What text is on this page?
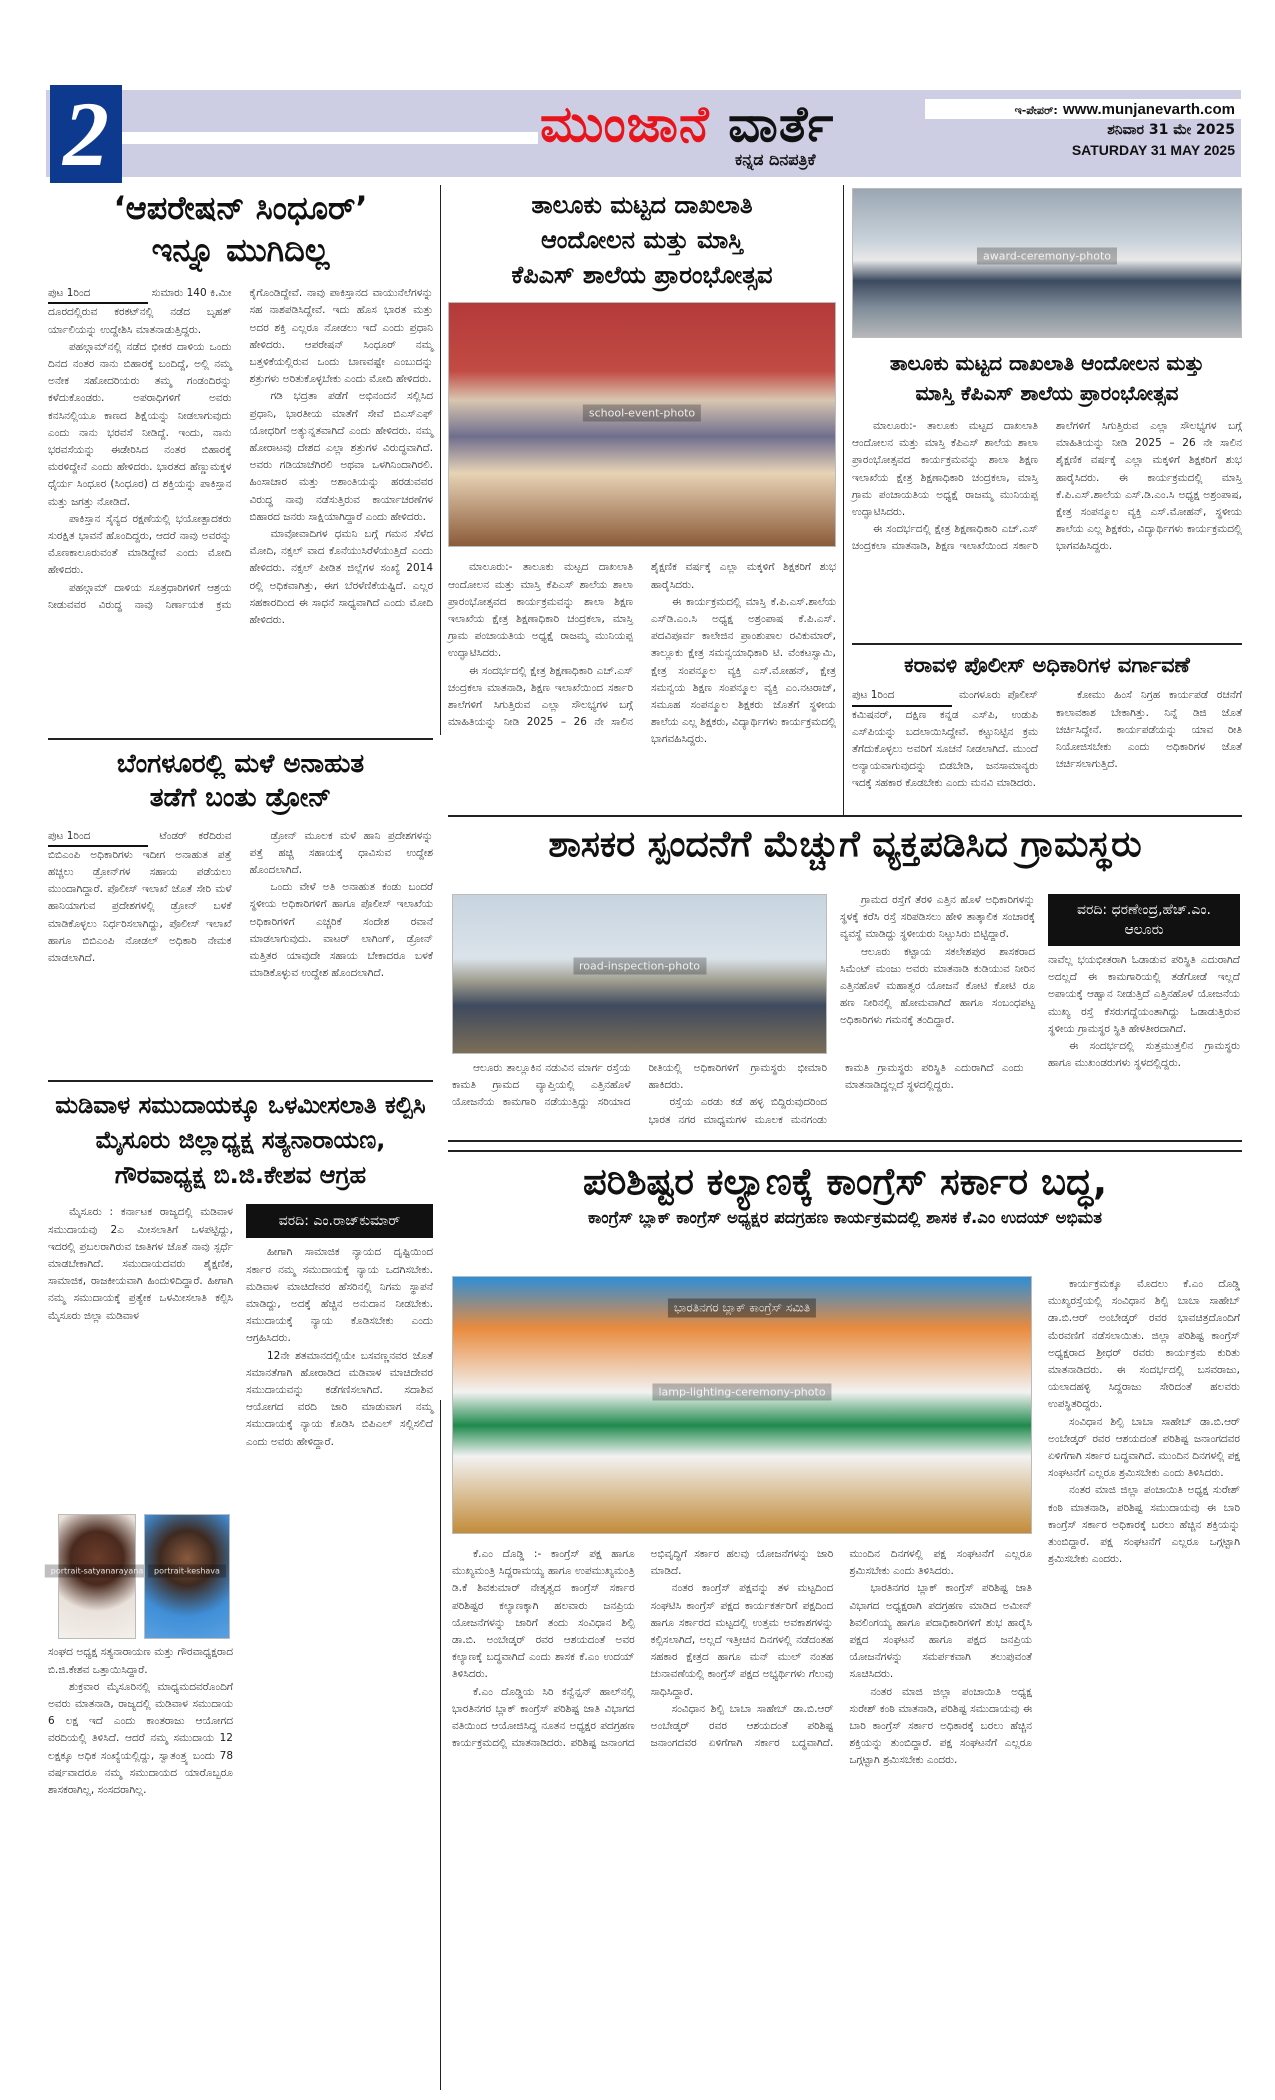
2	ಮುಂಜಾನೆ ವಾರ್ತೆ
ಕನ್ನಡ ದಿನಪತ್ರಿಕೆ
ಇ-ಪೇಪರ್: www.munjanevarth.com
ಶನಿವಾರ 31 ಮೇ 2025
SATURDAY 31 MAY 2025
‘ಆಪರೇಷನ್ ಸಿಂಧೂರ್’
ಇನ್ನೂ ಮುಗಿದಿಲ್ಲ

ಪುಟ 1ರಿಂದ	ಸುಮಾರು 140 ಕಿ.ಮೀ ದೂರದಲ್ಲಿರುವ ಕರಕಟ್‌ನಲ್ಲಿ ನಡೆದ ಬೃಹತ್ ರ್ಯಾಲಿಯನ್ನು ಉದ್ದೇಶಿಸಿ ಮಾತನಾಡುತ್ತಿದ್ದರು.

ಪಹಲ್ಗಾಮ್‌ನಲ್ಲಿ ನಡೆದ ಭೀಕರ ದಾಳಿಯ ಒಂದು ದಿನದ ನಂತರ ನಾನು ಬಿಹಾರಕ್ಕೆ ಬಂದಿದ್ದೆ, ಅಲ್ಲಿ ನಮ್ಮ ಅನೇಕ ಸಹೋದರಿಯರು ತಮ್ಮ ಗಂಡಂದಿರನ್ನು ಕಳೆದುಕೊಂಡರು. ಅಪರಾಧಿಗಳಿಗೆ ಅವರು ಕನಸಿನಲ್ಲಿಯೂ ಕಾಣದ ಶಿಕ್ಷೆಯನ್ನು ನೀಡಲಾಗುವುದು ಎಂದು ನಾನು ಭರವಸೆ ನೀಡಿದ್ದೆ. ಇಂದು, ನಾನು ಭರವಸೆಯನ್ನು ಈಡೇರಿಸಿದ ನಂತರ ಬಿಹಾರಕ್ಕೆ ಮರಳಿದ್ದೇನೆ ಎಂದು ಹೇಳಿದರು. ಭಾರತದ ಹೆಣ್ಣುಮಕ್ಕಳ ಧೈರ್ಯ ಸಿಂಧೂರ (ಸಿಂಧೂರ) ದ ಶಕ್ತಿಯನ್ನು ಪಾಕಿಸ್ತಾನ ಮತ್ತು ಜಗತ್ತು ನೋಡಿದೆ.

ಪಾಕಿಸ್ತಾನ ಸೈನ್ಯದ ರಕ್ಷಣೆಯಲ್ಲಿ ಭಯೋತ್ಪಾದಕರು ಸುರಕ್ಷಿತ ಭಾವನೆ ಹೊಂದಿದ್ದರು, ಆದರೆ ನಾವು ಅವರನ್ನು ಮೊಣಕಾಲೂರುವಂತೆ ಮಾಡಿದ್ದೇವೆ ಎಂದು ಮೋದಿ ಹೇಳಿದರು.

ಪಹಲ್ಗಾಮ್ ದಾಳಿಯ ಸೂತ್ರಧಾರಿಗಳಿಗೆ ಆಶ್ರಯ ನೀಡುವವರ ವಿರುದ್ಧ ನಾವು ನಿರ್ಣಾಯಕ ಕ್ರಮ ಕೈಗೊಂಡಿದ್ದೇವೆ. ನಾವು ಪಾಕಿಸ್ತಾನದ ವಾಯುನೆಲೆಗಳನ್ನು ಸಹ ನಾಶಪಡಿಸಿದ್ದೇವೆ. ಇದು ಹೊಸ ಭಾರತ ಮತ್ತು ಅದರ ಶಕ್ತಿ ಎಲ್ಲರೂ ನೋಡಲು ಇದೆ ಎಂದು ಪ್ರಧಾನಿ ಹೇಳಿದರು. ಆಪರೇಷನ್ ಸಿಂಧೂರ್ ನಮ್ಮ ಬತ್ತಳಿಕೆಯಲ್ಲಿರುವ ಒಂದು ಬಾಣವಷ್ಟೇ ಎಂಬುದನ್ನು ಶತ್ರುಗಳು ಅರಿತುಕೊಳ್ಳಬೇಕು ಎಂದು ಮೋದಿ ಹೇಳಿದರು.

ಗಡಿ ಭದ್ರತಾ ಪಡೆಗೆ ಅಭಿನಂದನೆ ಸಲ್ಲಿಸಿದ ಪ್ರಧಾನಿ, ಭಾರತೀಯ ಮಾತೆಗೆ ಸೇವೆ ಬಿಎಸ್‌ಎಫ್ ಯೋಧರಿಗೆ ಅತ್ಯುನ್ನತವಾಗಿದೆ ಎಂದು ಹೇಳಿದರು. ನಮ್ಮ ಹೋರಾಟವು ದೇಶದ ಎಲ್ಲಾ ಶತ್ರುಗಳ ವಿರುದ್ಧವಾಗಿದೆ. ಅವರು ಗಡಿಯಾಚೆಗಿರಲಿ ಅಥವಾ ಒಳಗಿನಿಂದಾಗಿರಲಿ. ಹಿಂಸಾಚಾರ ಮತ್ತು ಅಶಾಂತಿಯನ್ನು ಹರಡುವವರ ವಿರುದ್ಧ ನಾವು ನಡೆಸುತ್ತಿರುವ ಕಾರ್ಯಾಚರಣೆಗಳ ಬಿಹಾರದ ಜನರು ಸಾಕ್ಷಿಯಾಗಿದ್ದಾರೆ ಎಂದು ಹೇಳಿದರು.

ಮಾವೋವಾದಿಗಳ ಧಮನಿ ಬಗ್ಗೆ ಗಮನ ಸೆಳೆದ ಮೋದಿ, ನಕ್ಸಲ್ ವಾದ ಕೊನೆಯುಸಿರೆಳೆಯುತ್ತಿದೆ ಎಂದು ಹೇಳಿದರು. ನಕ್ಸಲ್ ಪೀಡಿತ ಜಿಲ್ಲೆಗಳ ಸಂಖ್ಯೆ 2014 ರಲ್ಲಿ ಅಧಿಕವಾಗಿತ್ತು, ಈಗ ಬೆರಳೆಣಿಕೆಯಷ್ಟಿದೆ. ಎಲ್ಲರ ಸಹಕಾರದಿಂದ ಈ ಸಾಧನೆ ಸಾಧ್ಯವಾಗಿದೆ ಎಂದು ಮೋದಿ ಹೇಳಿದರು.

ಬೆಂಗಳೂರಲ್ಲಿ ಮಳೆ ಅನಾಹುತ
ತಡೆಗೆ ಬಂತು ಡ್ರೋನ್

ಪುಟ 1ರಿಂದ	ಟೆಂಡರ್ ಕರೆದಿರುವ ಬಿಬಿಎಂಪಿ ಅಧಿಕಾರಿಗಳು ಇದೀಗ ಅನಾಹುತ ಪತ್ತೆ ಹಚ್ಚಲು ಡ್ರೋನ್‌ಗಳ ಸಹಾಯ ಪಡೆಯಲು ಮುಂದಾಗಿದ್ದಾರೆ. ಪೊಲೀಸ್ ಇಲಾಖೆ ಜೊತೆ ಸೇರಿ ಮಳೆ ಹಾನಿಯಾಗುವ ಪ್ರದೇಶಗಳಲ್ಲಿ ಡ್ರೋನ್ ಬಳಕೆ ಮಾಡಿಕೊಳ್ಳಲು ನಿರ್ಧರಿಸಲಾಗಿದ್ದು, ಪೊಲೀಸ್ ಇಲಾಖೆ ಹಾಗೂ ಬಿಬಿಎಂಪಿ ನೋಡಲ್ ಅಧಿಕಾರಿ ನೇಮಕ ಮಾಡಲಾಗಿದೆ.

ಡ್ರೋನ್ ಮೂಲಕ ಮಳೆ ಹಾನಿ ಪ್ರದೇಶಗಳನ್ನು ಪತ್ತೆ ಹಚ್ಚಿ ಸಹಾಯಕ್ಕೆ ಧಾವಿಸುವ ಉದ್ದೇಶ ಹೊಂದಲಾಗಿದೆ.

ಒಂದು ವೇಳೆ ಅತಿ ಅನಾಹುತ ಕಂಡು ಬಂದರೆ ಸ್ಥಳೀಯ ಅಧಿಕಾರಿಗಳಿಗೆ ಹಾಗೂ ಪೊಲೀಸ್ ಇಲಾಖೆಯ ಅಧಿಕಾರಿಗಳಿಗೆ ಎಚ್ಚರಿಕೆ ಸಂದೇಶ ರವಾನೆ ಮಾಡಲಾಗುವುದು. ವಾಟರ್ ಲಾಗಿಂಗ್, ಡ್ರೋನ್ ಮತ್ತಿತರ ಯಾವುದೇ ಸಹಾಯ ಬೇಕಾದರೂ ಬಳಕೆ ಮಾಡಿಕೊಳ್ಳುವ ಉದ್ದೇಶ ಹೊಂದಲಾಗಿದೆ.

ಮಡಿವಾಳ ಸಮುದಾಯಕ್ಕೂ ಒಳಮೀಸಲಾತಿ ಕಲ್ಪಿಸಿ
ಮೈಸೂರು ಜಿಲ್ಲಾಧ್ಯಕ್ಷ ಸತ್ಯನಾರಾಯಣ,
ಗೌರವಾಧ್ಯಕ್ಷ ಬಿ.ಜಿ.ಕೇಶವ ಆಗ್ರಹ

ಮೈಸೂರು : ಕರ್ನಾಟಕ ರಾಜ್ಯದಲ್ಲಿ ಮಡಿವಾಳ ಸಮುದಾಯವು 2ಎ ಮೀಸಲಾತಿಗೆ ಒಳಪಟ್ಟಿದ್ದು, ಇದರಲ್ಲಿ ಪ್ರಬಲರಾಗಿರುವ ಜಾತಿಗಳ ಜೊತೆ ನಾವು ಸ್ಪರ್ಧೆ ಮಾಡಬೇಕಾಗಿದೆ. ಸಮುದಾಯದವರು ಶೈಕ್ಷಣಿಕ, ಸಾಮಾಜಿಕ, ರಾಜಕೀಯವಾಗಿ ಹಿಂದುಳಿದಿದ್ದಾರೆ. ಹೀಗಾಗಿ ನಮ್ಮ ಸಮುದಾಯಕ್ಕೆ ಪ್ರತ್ಯೇಕ ಒಳಮೀಸಲಾತಿ ಕಲ್ಪಿಸಿ ಮೈಸೂರು ಜಿಲ್ಲಾ ಮಡಿವಾಳ

portrait-satyanarayana	portrait-keshava

ಸಂಘದ ಅಧ್ಯಕ್ಷ ಸತ್ಯನಾರಾಯಣ ಮತ್ತು ಗೌರವಾಧ್ಯಕ್ಷರಾದ ಬಿ.ಜಿ.ಕೇಶವ ಒತ್ತಾಯಿಸಿದ್ದಾರೆ.

ಶುಕ್ರವಾರ ಮೈಸೂರಿನಲ್ಲಿ ಮಾಧ್ಯಮದವರೊಂದಿಗೆ ಅವರು ಮಾತನಾಡಿ, ರಾಜ್ಯದಲ್ಲಿ ಮಡಿವಾಳ ಸಮುದಾಯ 6 ಲಕ್ಷ ಇದೆ ಎಂದು ಕಾಂತರಾಜು ಆಯೋಗದ ವರದಿಯಲ್ಲಿ ತಿಳಿಸಿದೆ. ಆದರೆ ನಮ್ಮ ಸಮುದಾಯ 12 ಲಕ್ಷಕ್ಕೂ ಅಧಿಕ ಸಂಖ್ಯೆಯಲ್ಲಿದ್ದು, ಸ್ವಾತಂತ್ರ್ಯ ಬಂದು 78 ವರ್ಷವಾದರೂ ನಮ್ಮ ಸಮುದಾಯದ ಯಾರೊಬ್ಬರೂ ಶಾಸಕರಾಗಿಲ್ಲ, ಸಂಸದರಾಗಿಲ್ಲ.

ವರದಿ: ಎಂ.ರಾಜ್‌ಕುಮಾರ್

ಹೀಗಾಗಿ ಸಾಮಾಜಿಕ ನ್ಯಾಯದ ದೃಷ್ಟಿಯಿಂದ ಸರ್ಕಾರ ನಮ್ಮ ಸಮುದಾಯಕ್ಕೆ ನ್ಯಾಯ ಒದಗಿಸಬೇಕು. ಮಡಿವಾಳ ಮಾಚಿದೇವರ ಹೆಸರಿನಲ್ಲಿ ನಿಗಮ ಸ್ಥಾಪನೆ ಮಾಡಿದ್ದು, ಅದಕ್ಕೆ ಹೆಚ್ಚಿನ ಅನುದಾನ ನೀಡಬೇಕು. ಸಮುದಾಯಕ್ಕೆ ನ್ಯಾಯ ಕೊಡಿಸಬೇಕು ಎಂದು ಆಗ್ರಹಿಸಿದರು.

12ನೇ ಶತಮಾನದಲ್ಲಿಯೇ ಬಸವಣ್ಣನವರ ಜೊತೆ ಸಮಾನತೆಗಾಗಿ ಹೋರಾಡಿದ ಮಡಿವಾಳ ಮಾಚಿದೇವರ ಸಮುದಾಯವನ್ನು ಕಡೆಗಣಿಸಲಾಗಿದೆ. ಸದಾಶಿವ ಆಯೋಗದ ವರದಿ ಜಾರಿ ಮಾಡುವಾಗ ನಮ್ಮ ಸಮುದಾಯಕ್ಕೆ ನ್ಯಾಯ ಕೊಡಿಸಿ ಬಿಪಿಎಲ್ ಸಲ್ಲಿಸಲಿದೆ ಎಂದು ಅವರು ಹೇಳಿದ್ದಾರೆ.

ತಾಲೂಕು ಮಟ್ಟದ ದಾಖಲಾತಿ
ಆಂದೋಲನ ಮತ್ತು ಮಾಸ್ತಿ
ಕೆಪಿಎಸ್ ಶಾಲೆಯ ಪ್ರಾರಂಭೋತ್ಸವ
school-event-photo

ಮಾಲೂರು:- ತಾಲೂಕು ಮಟ್ಟದ ದಾಖಲಾತಿ ಆಂದೋಲನ ಮತ್ತು ಮಾಸ್ತಿ ಕೆಪಿಎಸ್ ಶಾಲೆಯ ಶಾಲಾ ಪ್ರಾರಂಭೋತ್ಸವದ ಕಾರ್ಯಕ್ರಮವನ್ನು ಶಾಲಾ ಶಿಕ್ಷಣ ಇಲಾಖೆಯ ಕ್ಷೇತ್ರ ಶಿಕ್ಷಣಾಧಿಕಾರಿ ಚಂದ್ರಕಲಾ, ಮಾಸ್ತಿ ಗ್ರಾಮ ಪಂಚಾಯತಿಯ ಅಧ್ಯಕ್ಷೆ ರಾಜಮ್ಮ ಮುನಿಯಪ್ಪ ಉದ್ಘಾಟಿಸಿದರು.

ಈ ಸಂದರ್ಭದಲ್ಲಿ ಕ್ಷೇತ್ರ ಶಿಕ್ಷಣಾಧಿಕಾರಿ ಎಚ್.ಎಸ್ ಚಂದ್ರಕಲಾ ಮಾತನಾಡಿ, ಶಿಕ್ಷಣ ಇಲಾಖೆಯಿಂದ ಸರ್ಕಾರಿ ಶಾಲೆಗಳಿಗೆ ಸಿಗುತ್ತಿರುವ ಎಲ್ಲಾ ಸೌಲಭ್ಯಗಳ ಬಗ್ಗೆ ಮಾಹಿತಿಯನ್ನು ನೀಡಿ 2025 – 26 ನೇ ಸಾಲಿನ ಶೈಕ್ಷಣಿಕ ವರ್ಷಕ್ಕೆ ಎಲ್ಲಾ ಮಕ್ಕಳಿಗೆ ಶಿಕ್ಷಕರಿಗೆ ಶುಭ ಹಾರೈಸಿದರು.

ಈ ಕಾರ್ಯಕ್ರಮದಲ್ಲಿ ಮಾಸ್ತಿ ಕೆ.ಪಿ.ಎಸ್.ಶಾಲೆಯ ಎಸ್‌ಡಿ.ಎಂ.ಸಿ ಅಧ್ಯಕ್ಷ ಅಶ್ರಂಪಾಷ ಕೆ.ಪಿ.ಎಸ್. ಪದವಿಪೂರ್ವ ಕಾಲೇಜಿನ ಪ್ರಾಂಶುಪಾಲ ರವಿಕುಮಾರ್, ತಾಲ್ಲೂಕು ಕ್ಷೇತ್ರ ಸಮನ್ವಯಾಧಿಕಾರಿ ಟಿ. ವೆಂಕಟಸ್ವಾಮಿ, ಕ್ಷೇತ್ರ ಸಂಪನ್ಮೂಲ ವ್ಯಕ್ತಿ ಎಸ್.ಮೋಹನ್, ಕ್ಷೇತ್ರ ಸಮನ್ವಯ ಶಿಕ್ಷಣ ಸಂಪನ್ಮೂಲ ವ್ಯಕ್ತಿ ಎಂ.ನಟರಾಜ್, ಸಮೂಹ ಸಂಪನ್ಮೂಲ ಶಿಕ್ಷಕರು ಜೊತೆಗೆ ಸ್ಥಳೀಯ ಶಾಲೆಯ ಎಲ್ಲ ಶಿಕ್ಷಕರು, ವಿದ್ಯಾರ್ಥಿಗಳು ಕಾರ್ಯಕ್ರಮದಲ್ಲಿ ಭಾಗವಹಿಸಿದ್ದರು.

award-ceremony-photo
ತಾಲೂಕು ಮಟ್ಟದ ದಾಖಲಾತಿ ಆಂದೋಲನ ಮತ್ತು
ಮಾಸ್ತಿ ಕೆಪಿಎಸ್ ಶಾಲೆಯ ಪ್ರಾರಂಭೋತ್ಸವ

ಮಾಲೂರು:- ತಾಲೂಕು ಮಟ್ಟದ ದಾಖಲಾತಿ ಆಂದೋಲನ ಮತ್ತು ಮಾಸ್ತಿ ಕೆಪಿಎಸ್ ಶಾಲೆಯ ಶಾಲಾ ಪ್ರಾರಂಭೋತ್ಸವದ ಕಾರ್ಯಕ್ರಮವನ್ನು ಶಾಲಾ ಶಿಕ್ಷಣ ಇಲಾಖೆಯ ಕ್ಷೇತ್ರ ಶಿಕ್ಷಣಾಧಿಕಾರಿ ಚಂದ್ರಕಲಾ, ಮಾಸ್ತಿ ಗ್ರಾಮ ಪಂಚಾಯತಿಯ ಅಧ್ಯಕ್ಷೆ ರಾಜಮ್ಮ ಮುನಿಯಪ್ಪ ಉದ್ಘಾಟಿಸಿದರು.

ಈ ಸಂದರ್ಭದಲ್ಲಿ ಕ್ಷೇತ್ರ ಶಿಕ್ಷಣಾಧಿಕಾರಿ ಎಚ್.ಎಸ್ ಚಂದ್ರಕಲಾ ಮಾತನಾಡಿ, ಶಿಕ್ಷಣ ಇಲಾಖೆಯಿಂದ ಸರ್ಕಾರಿ ಶಾಲೆಗಳಿಗೆ ಸಿಗುತ್ತಿರುವ ಎಲ್ಲಾ ಸೌಲಭ್ಯಗಳ ಬಗ್ಗೆ ಮಾಹಿತಿಯನ್ನು ನೀಡಿ 2025 – 26 ನೇ ಸಾಲಿನ ಶೈಕ್ಷಣಿಕ ವರ್ಷಕ್ಕೆ ಎಲ್ಲಾ ಮಕ್ಕಳಿಗೆ ಶಿಕ್ಷಕರಿಗೆ ಶುಭ ಹಾರೈಸಿದರು. ಈ ಕಾರ್ಯಕ್ರಮದಲ್ಲಿ ಮಾಸ್ತಿ ಕೆ.ಪಿ.ಎಸ್.ಶಾಲೆಯ ಎಸ್.ಡಿ.ಎಂ.ಸಿ ಅಧ್ಯಕ್ಷ ಅಶ್ರಂಪಾಷ, ಕ್ಷೇತ್ರ ಸಂಪನ್ಮೂಲ ವ್ಯಕ್ತಿ ಎಸ್.ಮೋಹನ್, ಸ್ಥಳೀಯ ಶಾಲೆಯ ಎಲ್ಲ ಶಿಕ್ಷಕರು, ವಿದ್ಯಾರ್ಥಿಗಳು ಕಾರ್ಯಕ್ರಮದಲ್ಲಿ ಭಾಗವಹಿಸಿದ್ದರು.

ಕರಾವಳಿ ಪೊಲೀಸ್ ಅಧಿಕಾರಿಗಳ ವರ್ಗಾವಣೆ

ಪುಟ 1ರಿಂದ	ಮಂಗಳೂರು ಪೊಲೀಸ್ ಕಮಿಷನರ್, ದಕ್ಷಿಣ ಕನ್ನಡ ಎಸ್‌ಪಿ, ಉಡುಪಿ ಎಸ್‌ಪಿಯನ್ನು ಬದಲಾಯಿಸಿದ್ದೇವೆ. ಕಟ್ಟುನಿಟ್ಟಿನ ಕ್ರಮ ತೆಗೆದುಕೊಳ್ಳಲು ಅವರಿಗೆ ಸೂಚನೆ ನೀಡಲಾಗಿದೆ. ಮುಂದೆ ಅನ್ಯಾಯವಾಗುವುದನ್ನು ಬಿಡಬೇಡಿ, ಜನಸಾಮಾನ್ಯರು ಇದಕ್ಕೆ ಸಹಕಾರ ಕೊಡಬೇಕು ಎಂದು ಮನವಿ ಮಾಡಿದರು.

ಕೋಮು ಹಿಂಸೆ ನಿಗ್ರಹ ಕಾರ್ಯಪಡೆ ರಚನೆಗೆ ಕಾಲಾವಕಾಶ ಬೇಕಾಗಿತ್ತು. ನಿನ್ನೆ ಡಿಜಿ ಜೊತೆ ಚರ್ಚಿಸಿದ್ದೇನೆ. ಕಾರ್ಯಪಡೆಯನ್ನು ಯಾವ ರೀತಿ ನಿಯೋಜಿಸಬೇಕು ಎಂದು ಅಧಿಕಾರಿಗಳ ಜೊತೆ ಚರ್ಚಿಸಲಾಗುತ್ತಿದೆ.

ಶಾಸಕರ ಸ್ಪಂದನೆಗೆ ಮೆಚ್ಚುಗೆ ವ್ಯಕ್ತಪಡಿಸಿದ ಗ್ರಾಮಸ್ಥರು
road-inspection-photo

ಆಲೂರು ತಾಲ್ಲೂಕಿನ ನಡುವಿನ ಮಾರ್ಗ ರಸ್ತೆಯ ಕಾಮತಿ ಗ್ರಾಮದ ವ್ಯಾಪ್ತಿಯಲ್ಲಿ ಎತ್ತಿನಹೊಳೆ ಯೋಜನೆಯ ಕಾಮಗಾರಿ ನಡೆಯುತ್ತಿದ್ದು ಸರಿಯಾದ ರೀತಿಯಲ್ಲಿ ಅಧಿಕಾರಿಗಳಿಗೆ ಗ್ರಾಮಸ್ಥರು ಭೀಮಾರಿ ಹಾಕಿದರು.

ರಸ್ತೆಯ ಎರಡು ಕಡೆ ಹಳ್ಳ ಬಿದ್ದಿರುವುದರಿಂದ ಭಾರತ ನಗರ ಮಾಧ್ಯಮಗಳ ಮೂಲಕ ಮನಗಂಡು ಕಾಮತಿ ಗ್ರಾಮಸ್ಥರು ಪರಿಸ್ಥಿತಿ ಎದುರಾಗಿದೆ ಎಂದು ಮಾತನಾಡಿದ್ದಲ್ಲದೆ ಸ್ಥಳದಲ್ಲಿದ್ದರು.

ಗ್ರಾಮದ ರಸ್ತೆಗೆ ತೆರಳಿ ಎತ್ತಿನ ಹೊಳೆ ಅಧಿಕಾರಿಗಳನ್ನು ಸ್ಥಳಕ್ಕೆ ಕರೆಸಿ ರಸ್ತೆ ಸರಿಪಡಿಸಲು ಹೇಳಿ ತಾತ್ಕಾಲಿಕ ಸಂಚಾರಕ್ಕೆ ವ್ಯವಸ್ಥೆ ಮಾಡಿದ್ದು ಸ್ಥಳೀಯರು ನಿಟ್ಟುಸಿರು ಬಿಟ್ಟಿದ್ದಾರೆ.

ಆಲೂರು ಕಟ್ಟಾಯ ಸಕಲೇಶಪುರ ಶಾಸಕರಾದ ಸಿಮೆಂಟ್ ಮಂಜು ಅವರು ಮಾತನಾಡಿ ಕುಡಿಯುವ ನೀರಿನ ಎತ್ತಿನಹೊಳೆ ಮಹಾತ್ವರ ಯೋಜನೆ ಕೋಟಿ ಕೋಟಿ ರೂ ಹಣ ನೀರಿನಲ್ಲಿ ಹೋಮವಾಗಿದೆ ಹಾಗೂ ಸಂಬಂಧಪಟ್ಟ ಅಧಿಕಾರಿಗಳು ಗಮನಕ್ಕೆ ತಂದಿದ್ದಾರೆ.

ವರದಿ: ಧರಣೇಂದ್ರ,ಹೆಚ್.ಎಂ.
ಆಲೂರು

ನಾವೆಲ್ಲ ಭಯಭೀತರಾಗಿ ಓಡಾಡುವ ಪರಿಸ್ಥಿತಿ ಎದುರಾಗಿದೆ ಅದಲ್ಲದೆ ಈ ಕಾಮಗಾರಿಯಲ್ಲಿ ತಡೆಗೋಡೆ ಇಲ್ಲದೆ ಅಪಾಯಕ್ಕೆ ಆಹ್ವಾನ ನೀಡುತ್ತಿದೆ ಎತ್ತಿನಹೊಳೆ ಯೋಜನೆಯ ಮುಖ್ಯ ರಸ್ತೆ ಕೆಸರುಗದ್ದೆಯಂತಾಗಿದ್ದು ಓಡಾಡುತ್ತಿರುವ ಸ್ಥಳೀಯ ಗ್ರಾಮಸ್ಥರ ಸ್ಥಿತಿ ಹೇಳತೀರದಾಗಿದೆ.

ಈ ಸಂದರ್ಭದಲ್ಲಿ ಸುತ್ತಮುತ್ತಲಿನ ಗ್ರಾಮಸ್ಥರು ಹಾಗೂ ಮುಖಂಡರುಗಳು ಸ್ಥಳದಲ್ಲಿದ್ದರು.

ಪರಿಶಿಷ್ಟರ ಕಲ್ಯಾಣಕ್ಕೆ ಕಾಂಗ್ರೆಸ್ ಸರ್ಕಾರ ಬದ್ಧ,
ಕಾಂಗ್ರೆಸ್ ಬ್ಲಾಕ್ ಕಾಂಗ್ರೆಸ್ ಅಧ್ಯಕ್ಷರ ಪದಗ್ರಹಣ ಕಾರ್ಯಕ್ರಮದಲ್ಲಿ ಶಾಸಕ ಕೆ.ಎಂ ಉದಯ್ ಅಭಿಮತ
ಭಾರತಿನಗರ ಬ್ಲಾಕ್ ಕಾಂಗ್ರೆಸ್ ಸಮಿತಿ
lamp-lighting-ceremony-photo

ಕೆ.ಎಂ ದೊಡ್ಡಿ :- ಕಾಂಗ್ರೆಸ್ ಪಕ್ಷ ಹಾಗೂ ಮುಖ್ಯಮಂತ್ರಿ ಸಿದ್ದರಾಮಯ್ಯ ಹಾಗೂ ಉಪಮುಖ್ಯಮಂತ್ರಿ ಡಿ.ಕೆ ಶಿವಕುಮಾರ್ ನೇತೃತ್ವದ ಕಾಂಗ್ರೆಸ್ ಸರ್ಕಾರ ಪರಿಶಿಷ್ಟರ ಕಲ್ಯಾಣಕ್ಕಾಗಿ ಹಲವಾರು ಜನಪ್ರಿಯ ಯೋಜನೆಗಳನ್ನು ಜಾರಿಗೆ ತಂದು ಸಂವಿಧಾನ ಶಿಲ್ಪಿ ಡಾ.ಬಿ. ಅಂಬೇಡ್ಕರ್ ರವರ ಆಶಯದಂತೆ ಅವರ ಕಲ್ಯಾಣಕ್ಕೆ ಬದ್ಧವಾಗಿದೆ ಎಂದು ಶಾಸಕ ಕೆ.ಎಂ ಉದಯ್ ತಿಳಿಸಿದರು.

ಕೆ.ಎಂ ದೊಡ್ಡಿಯ ಸಿರಿ ಕನ್ವೆನ್ಷನ್ ಹಾಲ್‌ನಲ್ಲಿ ಭಾರತಿನಗರ ಬ್ಲಾಕ್ ಕಾಂಗ್ರೆಸ್ ಪರಿಶಿಷ್ಟ ಜಾತಿ ವಿಭಾಗದ ವತಿಯಿಂದ ಆಯೋಜಿಸಿದ್ದ ನೂತನ ಅಧ್ಯಕ್ಷರ ಪದಗ್ರಹಣ ಕಾರ್ಯಕ್ರಮದಲ್ಲಿ ಮಾತನಾಡಿದರು. ಪರಿಶಿಷ್ಟ ಜನಾಂಗದ ಅಭಿವೃದ್ಧಿಗೆ ಸರ್ಕಾರ ಹಲವು ಯೋಜನೆಗಳನ್ನು ಜಾರಿ ಮಾಡಿದೆ.

ನಂತರ ಕಾಂಗ್ರೆಸ್ ಪಕ್ಷವನ್ನು ತಳ ಮಟ್ಟದಿಂದ ಸಂಘಟಿಸಿ ಕಾಂಗ್ರೆಸ್ ಪಕ್ಷದ ಕಾರ್ಯಕರ್ತರಿಗೆ ಪಕ್ಷದಿಂದ ಹಾಗೂ ಸರ್ಕಾರದ ಮಟ್ಟದಲ್ಲಿ ಉತ್ತಮ ಅವಕಾಶಗಳನ್ನು ಕಲ್ಪಿಸಲಾಗಿದೆ, ಅಲ್ಲದೆ ಇತ್ತೀಚಿನ ದಿನಗಳಲ್ಲಿ ನಡೆದಂತಹ ಸಹಕಾರ ಕ್ಷೇತ್ರದ ಹಾಗೂ ಮನ್ ಮುಲ್ ನಂತಹ ಚುನಾವಣೆಯಲ್ಲಿ ಕಾಂಗ್ರೆಸ್ ಪಕ್ಷದ ಅಭ್ಯರ್ಥಿಗಳು ಗೆಲುವು ಸಾಧಿಸಿದ್ದಾರೆ.

ಸಂವಿಧಾನ ಶಿಲ್ಪಿ ಬಾಬಾ ಸಾಹೇಬ್ ಡಾ.ಬಿ.ಆರ್ ಅಂಬೇಡ್ಕರ್ ರವರ ಆಶಯದಂತೆ ಪರಿಶಿಷ್ಟ ಜನಾಂಗದವರ ಏಳಿಗೆಗಾಗಿ ಸರ್ಕಾರ ಬದ್ಧವಾಗಿದೆ. ಮುಂದಿನ ದಿನಗಳಲ್ಲಿ ಪಕ್ಷ ಸಂಘಟನೆಗೆ ಎಲ್ಲರೂ ಶ್ರಮಿಸಬೇಕು ಎಂದು ತಿಳಿಸಿದರು.

ಭಾರತಿನಗರ ಬ್ಲಾಕ್ ಕಾಂಗ್ರೆಸ್ ಪರಿಶಿಷ್ಟ ಜಾತಿ ವಿಭಾಗದ ಅಧ್ಯಕ್ಷರಾಗಿ ಪದಗ್ರಹಣ ಮಾಡಿದ ಅಮೀನ್ ಶಿವಲಿಂಗಯ್ಯ ಹಾಗೂ ಪದಾಧಿಕಾರಿಗಳಿಗೆ ಶುಭ ಹಾರೈಸಿ ಪಕ್ಷದ ಸಂಘಟನೆ ಹಾಗೂ ಪಕ್ಷದ ಜನಪ್ರಿಯ ಯೋಜನೆಗಳನ್ನು ಸಮರ್ಪಕವಾಗಿ ತಲುಪುವಂತೆ ಸೂಚಿಸಿದರು.

ನಂತರ ಮಾಜಿ ಜಿಲ್ಲಾ ಪಂಚಾಯಿತಿ ಅಧ್ಯಕ್ಷ ಸುರೇಶ್ ಕಂಠಿ ಮಾತನಾಡಿ, ಪರಿಶಿಷ್ಟ ಸಮುದಾಯವು ಈ ಬಾರಿ ಕಾಂಗ್ರೆಸ್ ಸರ್ಕಾರ ಅಧಿಕಾರಕ್ಕೆ ಬರಲು ಹೆಚ್ಚಿನ ಶಕ್ತಿಯನ್ನು ತುಂಬಿದ್ದಾರೆ. ಪಕ್ಷ ಸಂಘಟನೆಗೆ ಎಲ್ಲರೂ ಒಗ್ಗಟ್ಟಾಗಿ ಶ್ರಮಿಸಬೇಕು ಎಂದರು.

ಕಾರ್ಯಕ್ರಮಕ್ಕೂ ಮೊದಲು ಕೆ.ಎಂ ದೊಡ್ಡಿ ಮುಖ್ಯರಸ್ತೆಯಲ್ಲಿ ಸಂವಿಧಾನ ಶಿಲ್ಪಿ ಬಾಬಾ ಸಾಹೇಬ್ ಡಾ.ಬಿ.ಆರ್ ಅಂಬೇಡ್ಕರ್ ರವರ ಭಾವಚಿತ್ರದೊಂದಿಗೆ ಮೆರವಣಿಗೆ ನಡೆಸಲಾಯಿತು. ಜಿಲ್ಲಾ ಪರಿಶಿಷ್ಟ ಕಾಂಗ್ರೆಸ್ ಅಧ್ಯಕ್ಷರಾದ ಶ್ರೀಧರ್ ರವರು ಕಾರ್ಯಕ್ರಮ ಕುರಿತು ಮಾತನಾಡಿದರು. ಈ ಸಂದರ್ಭದಲ್ಲಿ ಬಸವರಾಜು, ಯಲಾದಹಳ್ಳಿ ಸಿದ್ದರಾಜು ಸೇರಿದಂತೆ ಹಲವರು ಉಪಸ್ಥಿತರಿದ್ದರು.

ಸಂವಿಧಾನ ಶಿಲ್ಪಿ ಬಾಬಾ ಸಾಹೇಬ್ ಡಾ.ಬಿ.ಆರ್ ಅಂಬೇಡ್ಕರ್ ರವರ ಆಶಯದಂತೆ ಪರಿಶಿಷ್ಟ ಜನಾಂಗದವರ ಏಳಿಗೆಗಾಗಿ ಸರ್ಕಾರ ಬದ್ಧವಾಗಿದೆ. ಮುಂದಿನ ದಿನಗಳಲ್ಲಿ ಪಕ್ಷ ಸಂಘಟನೆಗೆ ಎಲ್ಲರೂ ಶ್ರಮಿಸಬೇಕು ಎಂದು ತಿಳಿಸಿದರು.

ನಂತರ ಮಾಜಿ ಜಿಲ್ಲಾ ಪಂಚಾಯಿತಿ ಅಧ್ಯಕ್ಷ ಸುರೇಶ್ ಕಂಠಿ ಮಾತನಾಡಿ, ಪರಿಶಿಷ್ಟ ಸಮುದಾಯವು ಈ ಬಾರಿ ಕಾಂಗ್ರೆಸ್ ಸರ್ಕಾರ ಅಧಿಕಾರಕ್ಕೆ ಬರಲು ಹೆಚ್ಚಿನ ಶಕ್ತಿಯನ್ನು ತುಂಬಿದ್ದಾರೆ. ಪಕ್ಷ ಸಂಘಟನೆಗೆ ಎಲ್ಲರೂ ಒಗ್ಗಟ್ಟಾಗಿ ಶ್ರಮಿಸಬೇಕು ಎಂದರು.
